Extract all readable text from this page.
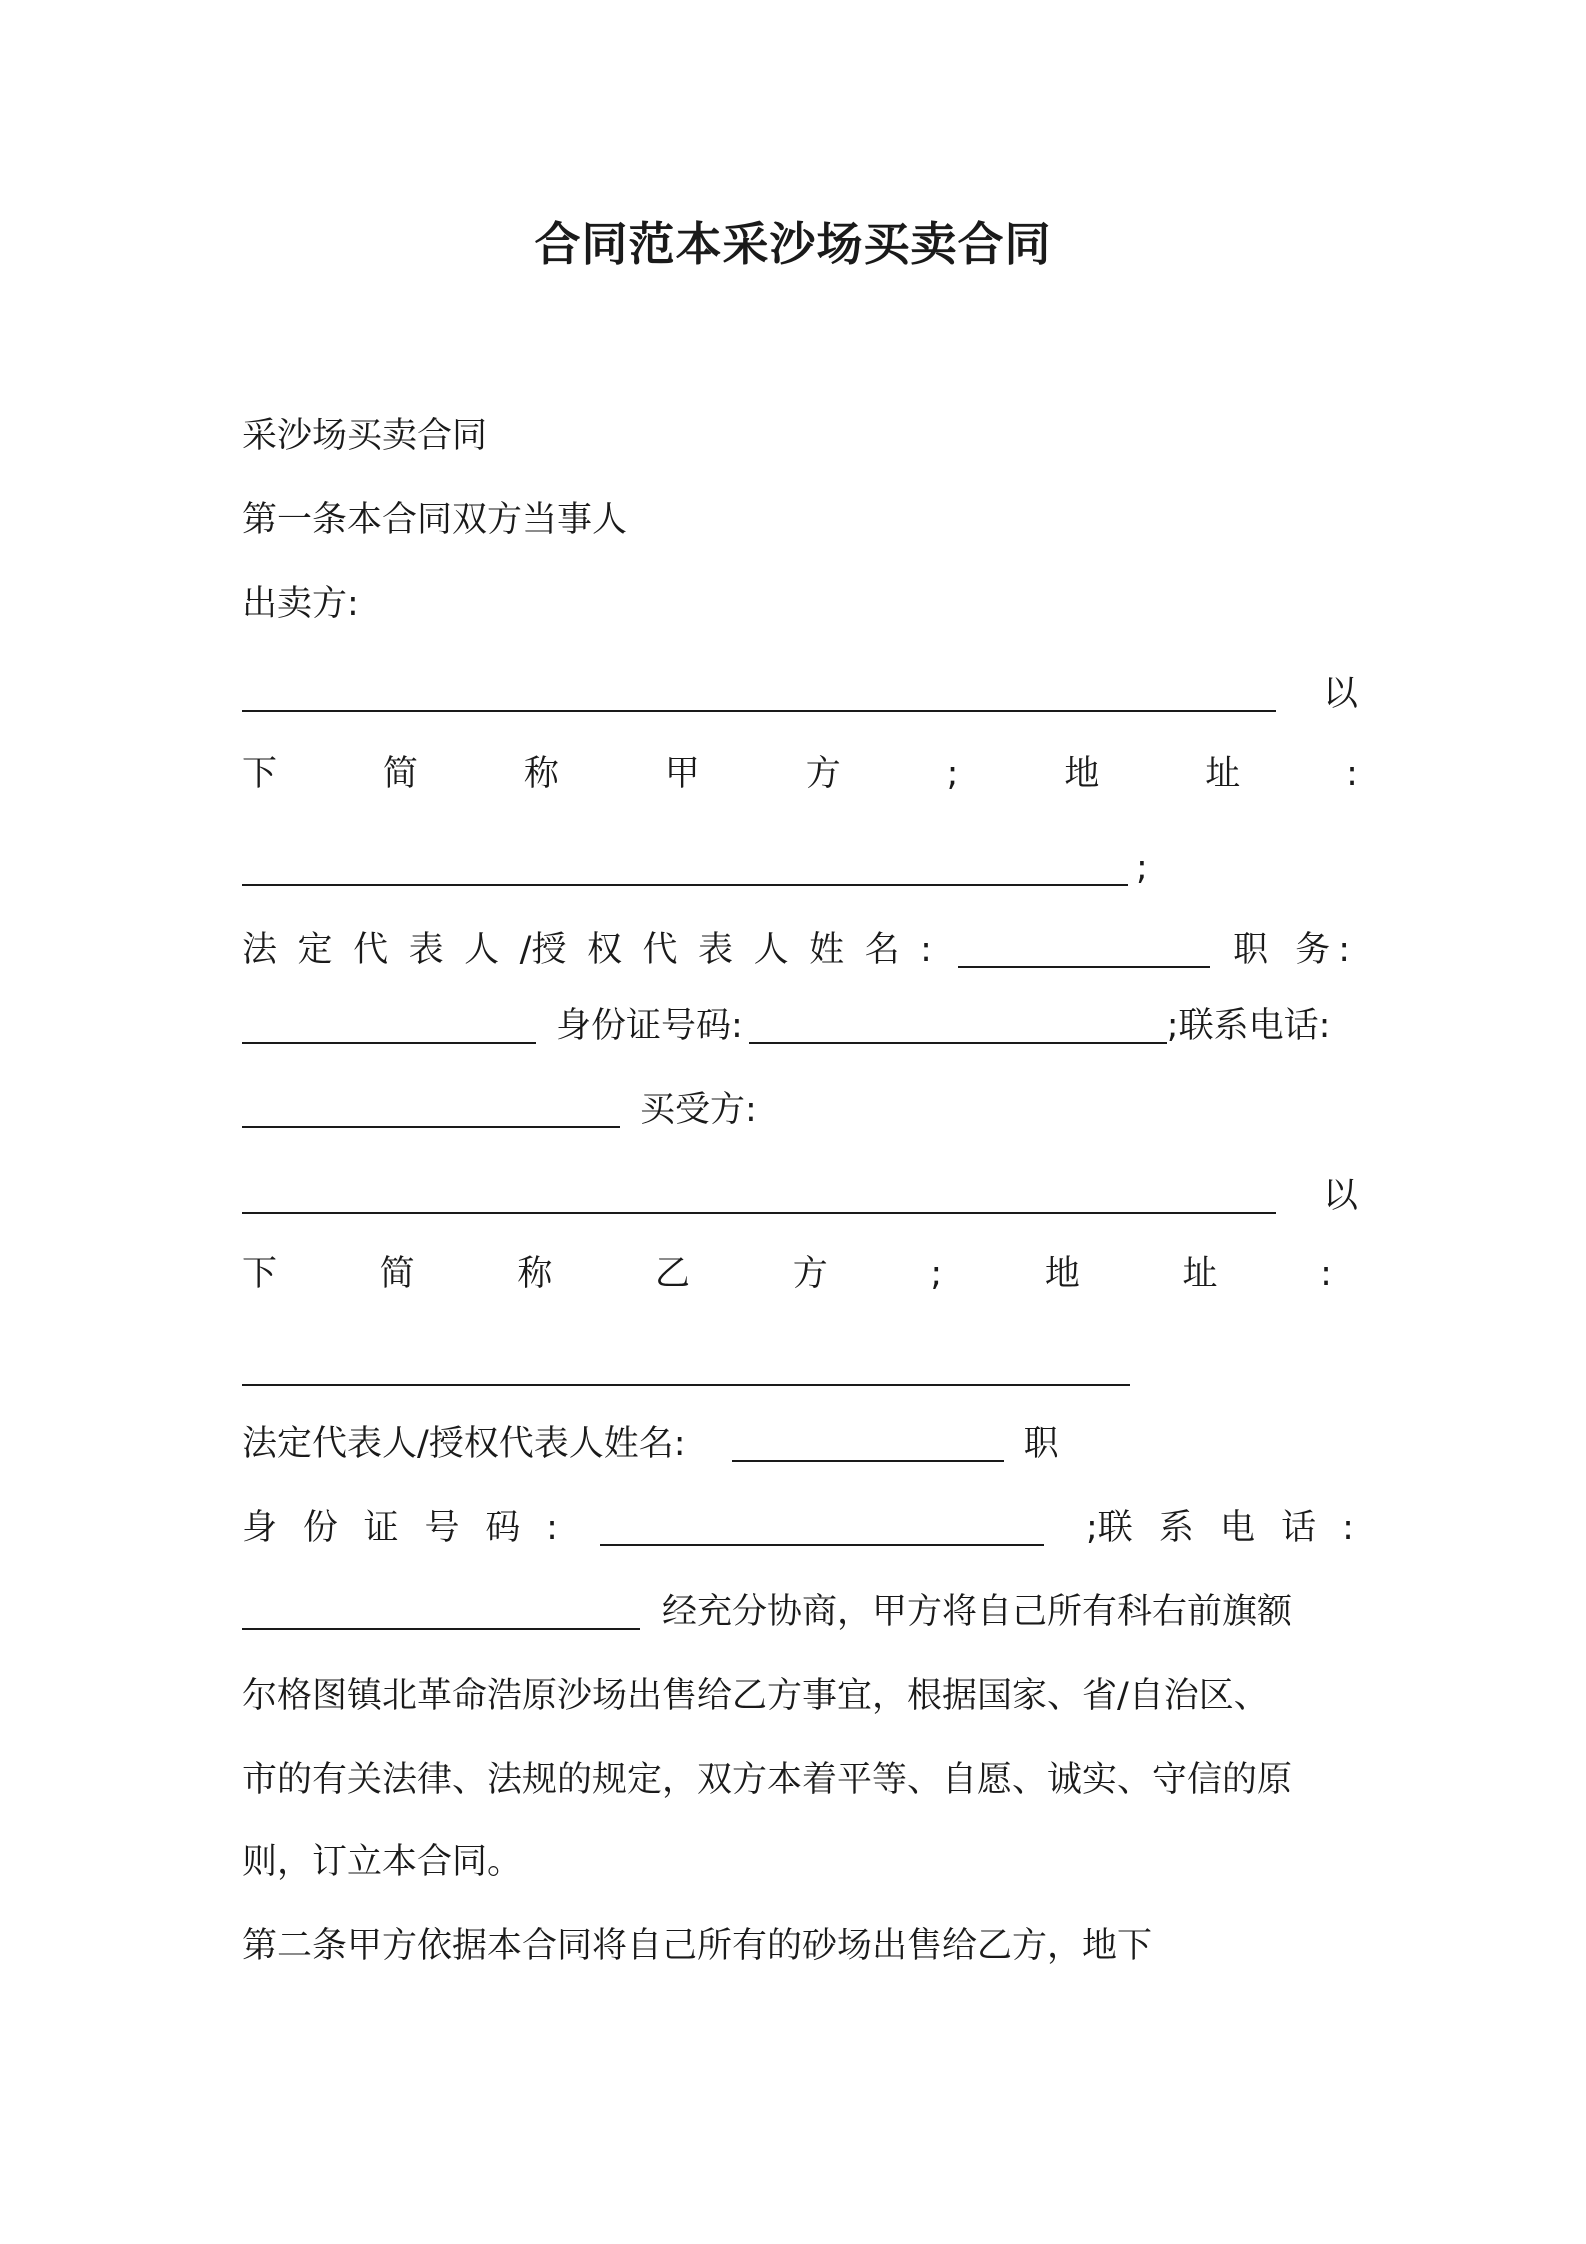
合同范本采沙场买卖合同
采沙场买卖合同
第一条本合同双方当事人
出卖方:
以
下	简	称	甲	方	;	地	址	:
;
法 定 代 表 人 /授 权 代 表 人 姓 名 :	职 务:
身份证号码:	;联系电话:
买受方:
以
下	简	称	乙	方	;	地	址	:
法定代表人/授权代表人姓名:	职
身 份 证 号 码 :	;联 系 电 话 :
经充分协商，甲方将自己所有科右前旗额
尔格图镇北革命浩原沙场出售给乙方事宜，根据国家、省/自治区、
市的有关法律、法规的规定，双方本着平等、自愿、诚实、守信的原
则，订立本合同。
第二条甲方依据本合同将自己所有的砂场出售给乙方，地下
